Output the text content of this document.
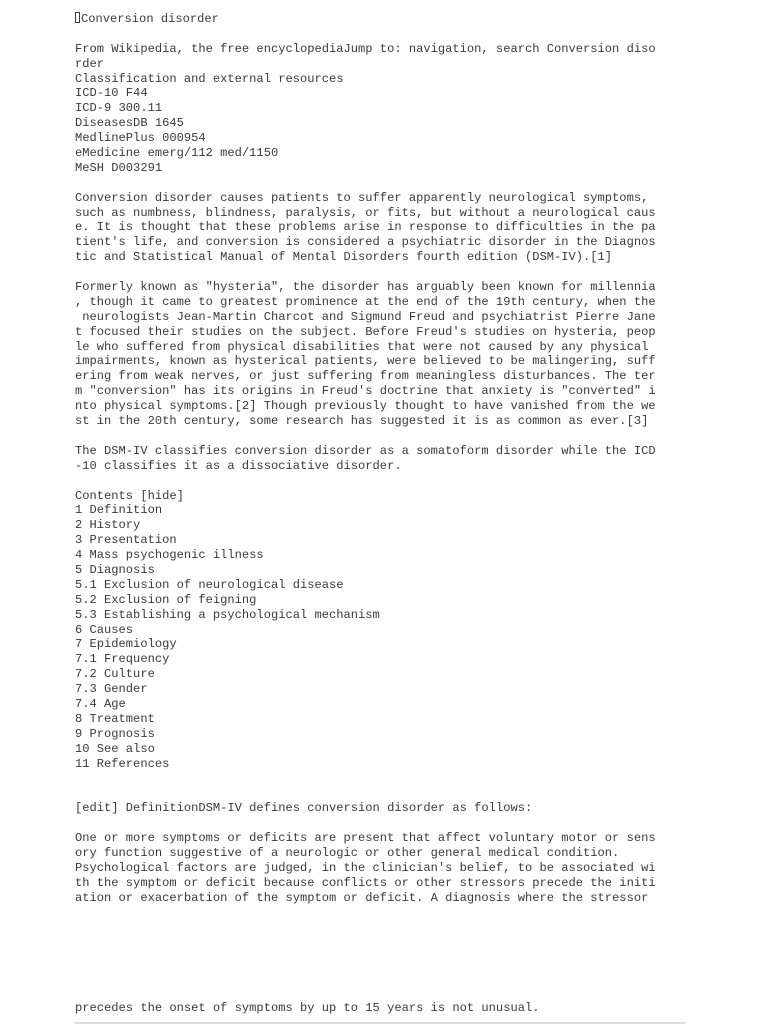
Conversion disorder
From Wikipedia, the free encyclopediaJump to: navigation, search Conversion diso
rder
Classification and external resources
ICD-10 F44
ICD-9 300.11
DiseasesDB 1645
MedlinePlus 000954
eMedicine emerg/112 med/1150
MeSH D003291
Conversion disorder causes patients to suffer apparently neurological symptoms,
such as numbness, blindness, paralysis, or fits, but without a neurological caus
e. It is thought that these problems arise in response to difficulties in the pa
tient's life, and conversion is considered a psychiatric disorder in the Diagnos
tic and Statistical Manual of Mental Disorders fourth edition (DSM-IV).[1]
Formerly known as "hysteria", the disorder has arguably been known for millennia
, though it came to greatest prominence at the end of the 19th century, when the
neurologists Jean-Martin Charcot and Sigmund Freud and psychiatrist Pierre Jane
t focused their studies on the subject. Before Freud's studies on hysteria, peop
le who suffered from physical disabilities that were not caused by any physical
impairments, known as hysterical patients, were believed to be malingering, suff
ering from weak nerves, or just suffering from meaningless disturbances. The ter
m "conversion" has its origins in Freud's doctrine that anxiety is "converted" i
nto physical symptoms.[2] Though previously thought to have vanished from the we
st in the 20th century, some research has suggested it is as common as ever.[3]
The DSM-IV classifies conversion disorder as a somatoform disorder while the ICD
-10 classifies it as a dissociative disorder.
Contents [hide]
1 Definition
2 History
3 Presentation
4 Mass psychogenic illness
5 Diagnosis
5.1 Exclusion of neurological disease
5.2 Exclusion of feigning
5.3 Establishing a psychological mechanism
6 Causes
7 Epidemiology
7.1 Frequency
7.2 Culture
7.3 Gender
7.4 Age
8 Treatment
9 Prognosis
10 See also
11 References
[edit] DefinitionDSM-IV defines conversion disorder as follows:
One or more symptoms or deficits are present that affect voluntary motor or sens
ory function suggestive of a neurologic or other general medical condition.
Psychological factors are judged, in the clinician's belief, to be associated wi
th the symptom or deficit because conflicts or other stressors precede the initi
ation or exacerbation of the symptom or deficit. A diagnosis where the stressor
precedes the onset of symptoms by up to 15 years is not unusual.
